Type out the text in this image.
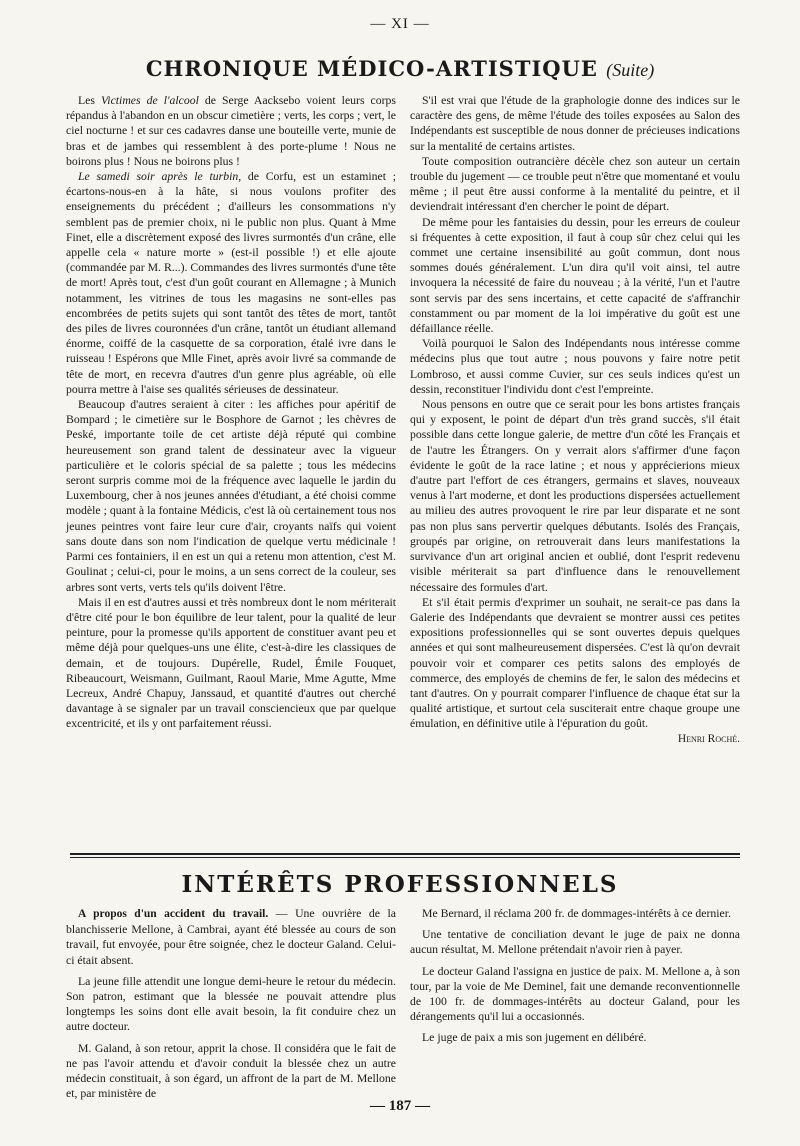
— XI —
CHRONIQUE MÉDICO-ARTISTIQUE (Suite)

Les Victimes de l'alcool de Serge Aacksebo voient leurs corps répandus à l'abandon en un obscur cimetière ; verts, les corps ; vert, le ciel nocturne ! et sur ces cadavres danse une bouteille verte, munie de bras et de jambes qui ressemblent à des porte-plume ! Nous ne boirons plus ! Nous ne boirons plus !

Le samedi soir après le turbin, de Corfu, est un estaminet ; écartons-nous-en à la hâte, si nous voulons profiter des enseignements du précédent ; d'ailleurs les consommations n'y semblent pas de premier choix, ni le public non plus. Quant à Mme Finet, elle a discrètement exposé des livres surmontés d'un crâne, elle appelle cela « nature morte » (est-il possible !) et elle ajoute (commandée par M. R...). Commandes des livres surmontés d'une tête de mort! Après tout, c'est d'un goût courant en Allemagne ; à Munich notamment, les vitrines de tous les magasins ne sont-elles pas encombrées de petits sujets qui sont tantôt des têtes de mort, tantôt des piles de livres couronnées d'un crâne, tantôt un étudiant allemand énorme, coiffé de la casquette de sa corporation, étalé ivre dans le ruisseau ! Espérons que Mlle Finet, après avoir livré sa commande de tête de mort, en recevra d'autres d'un genre plus agréable, où elle pourra mettre à l'aise ses qualités sérieuses de dessinateur.

Beaucoup d'autres seraient à citer : les affiches pour apéritif de Bompard ; le cimetière sur le Bosphore de Garnot ; les chèvres de Peské, importante toile de cet artiste déjà réputé qui combine heureusement son grand talent de dessinateur avec la vigueur particulière et le coloris spécial de sa palette ; tous les médecins seront surpris comme moi de la fréquence avec laquelle le jardin du Luxembourg, cher à nos jeunes années d'étudiant, a été choisi comme modèle ; quant à la fontaine Médicis, c'est là où certainement tous nos jeunes peintres vont faire leur cure d'air, croyants naïfs qui voient sans doute dans son nom l'indication de quelque vertu médicinale ! Parmi ces fontainiers, il en est un qui a retenu mon attention, c'est M. Goulinat ; celui-ci, pour le moins, a un sens correct de la couleur, ses arbres sont verts, verts tels qu'ils doivent l'être.

Mais il en est d'autres aussi et très nombreux dont le nom mériterait d'être cité pour le bon équilibre de leur talent, pour la qualité de leur peinture, pour la promesse qu'ils apportent de constituer avant peu et même déjà pour quelques-uns une élite, c'est-à-dire les classiques de demain, et de toujours. Dupérelle, Rudel, Émile Fouquet, Ribeaucourt, Weismann, Guilmant, Raoul Marie, Mme Agutte, Mme Lecreux, André Chapuy, Janssaud, et quantité d'autres out cherché davantage à se signaler par un travail consciencieux que par quelque excentricité, et ils y ont parfaitement réussi.

S'il est vrai que l'étude de la graphologie donne des indices sur le caractère des gens, de même l'étude des toiles exposées au Salon des Indépendants est susceptible de nous donner de précieuses indications sur la mentalité de certains artistes.

Toute composition outrancière décèle chez son auteur un certain trouble du jugement — ce trouble peut n'être que momentané et voulu même ; il peut être aussi conforme à la mentalité du peintre, et il deviendrait intéressant d'en chercher le point de départ.

De même pour les fantaisies du dessin, pour les erreurs de couleur si fréquentes à cette exposition, il faut à coup sûr chez celui qui les commet une certaine insensibilité au goût commun, dont nous sommes doués généralement. L'un dira qu'il voit ainsi, tel autre invoquera la nécessité de faire du nouveau ; à la vérité, l'un et l'autre sont servis par des sens incertains, et cette capacité de s'affranchir constamment ou par moment de la loi impérative du goût est une défaillance réelle.

Voilà pourquoi le Salon des Indépendants nous intéresse comme médecins plus que tout autre ; nous pouvons y faire notre petit Lombroso, et aussi comme Cuvier, sur ces seuls indices qu'est un dessin, reconstituer l'individu dont c'est l'empreinte.

Nous pensons en outre que ce serait pour les bons artistes français qui y exposent, le point de départ d'un très grand succès, s'il était possible dans cette longue galerie, de mettre d'un côté les Français et de l'autre les Étrangers. On y verrait alors s'affirmer d'une façon évidente le goût de la race latine ; et nous y apprécierions mieux d'autre part l'effort de ces étrangers, germains et slaves, nouveaux venus à l'art moderne, et dont les productions dispersées actuellement au milieu des autres provoquent le rire par leur disparate et ne sont pas non plus sans pervertir quelques débutants. Isolés des Français, groupés par origine, on retrouverait dans leurs manifestations la survivance d'un art original ancien et oublié, dont l'esprit redevenu visible mériterait sa part d'influence dans le renouvellement nécessaire des formules d'art.

Et s'il était permis d'exprimer un souhait, ne serait-ce pas dans la Galerie des Indépendants que devraient se montrer aussi ces petites expositions professionnelles qui se sont ouvertes depuis quelques années et qui sont malheureusement dispersées. C'est là qu'on devrait pouvoir voir et comparer ces petits salons des employés de commerce, des employés de chemins de fer, le salon des médecins et tant d'autres. On y pourrait comparer l'influence de chaque état sur la qualité artistique, et surtout cela susciterait entre chaque groupe une émulation, en définitive utile à l'épuration du goût.

Henri Roché.
INTÉRÊTS PROFESSIONNELS

A propos d'un accident du travail. — Une ouvrière de la blanchisserie Mellone, à Cambrai, ayant été blessée au cours de son travail, fut envoyée, pour être soignée, chez le docteur Galand. Celui-ci était absent.

La jeune fille attendit une longue demi-heure le retour du médecin. Son patron, estimant que la blessée ne pouvait attendre plus longtemps les soins dont elle avait besoin, la fit conduire chez un autre docteur.

M. Galand, à son retour, apprit la chose. Il considéra que le fait de ne pas l'avoir attendu et d'avoir conduit la blessée chez un autre médecin constituait, à son égard, un affront de la part de M. Mellone et, par ministère de

Me Bernard, il réclama 200 fr. de dommages-intérêts à ce dernier.

Une tentative de conciliation devant le juge de paix ne donna aucun résultat, M. Mellone prétendait n'avoir rien à payer.

Le docteur Galand l'assigna en justice de paix. M. Mellone a, à son tour, par la voie de Me Deminel, fait une demande reconventionnelle de 100 fr. de dommages-intérêts au docteur Galand, pour les dérangements qu'il lui a occasionnés.

Le juge de paix a mis son jugement en délibéré.

— 187 —
